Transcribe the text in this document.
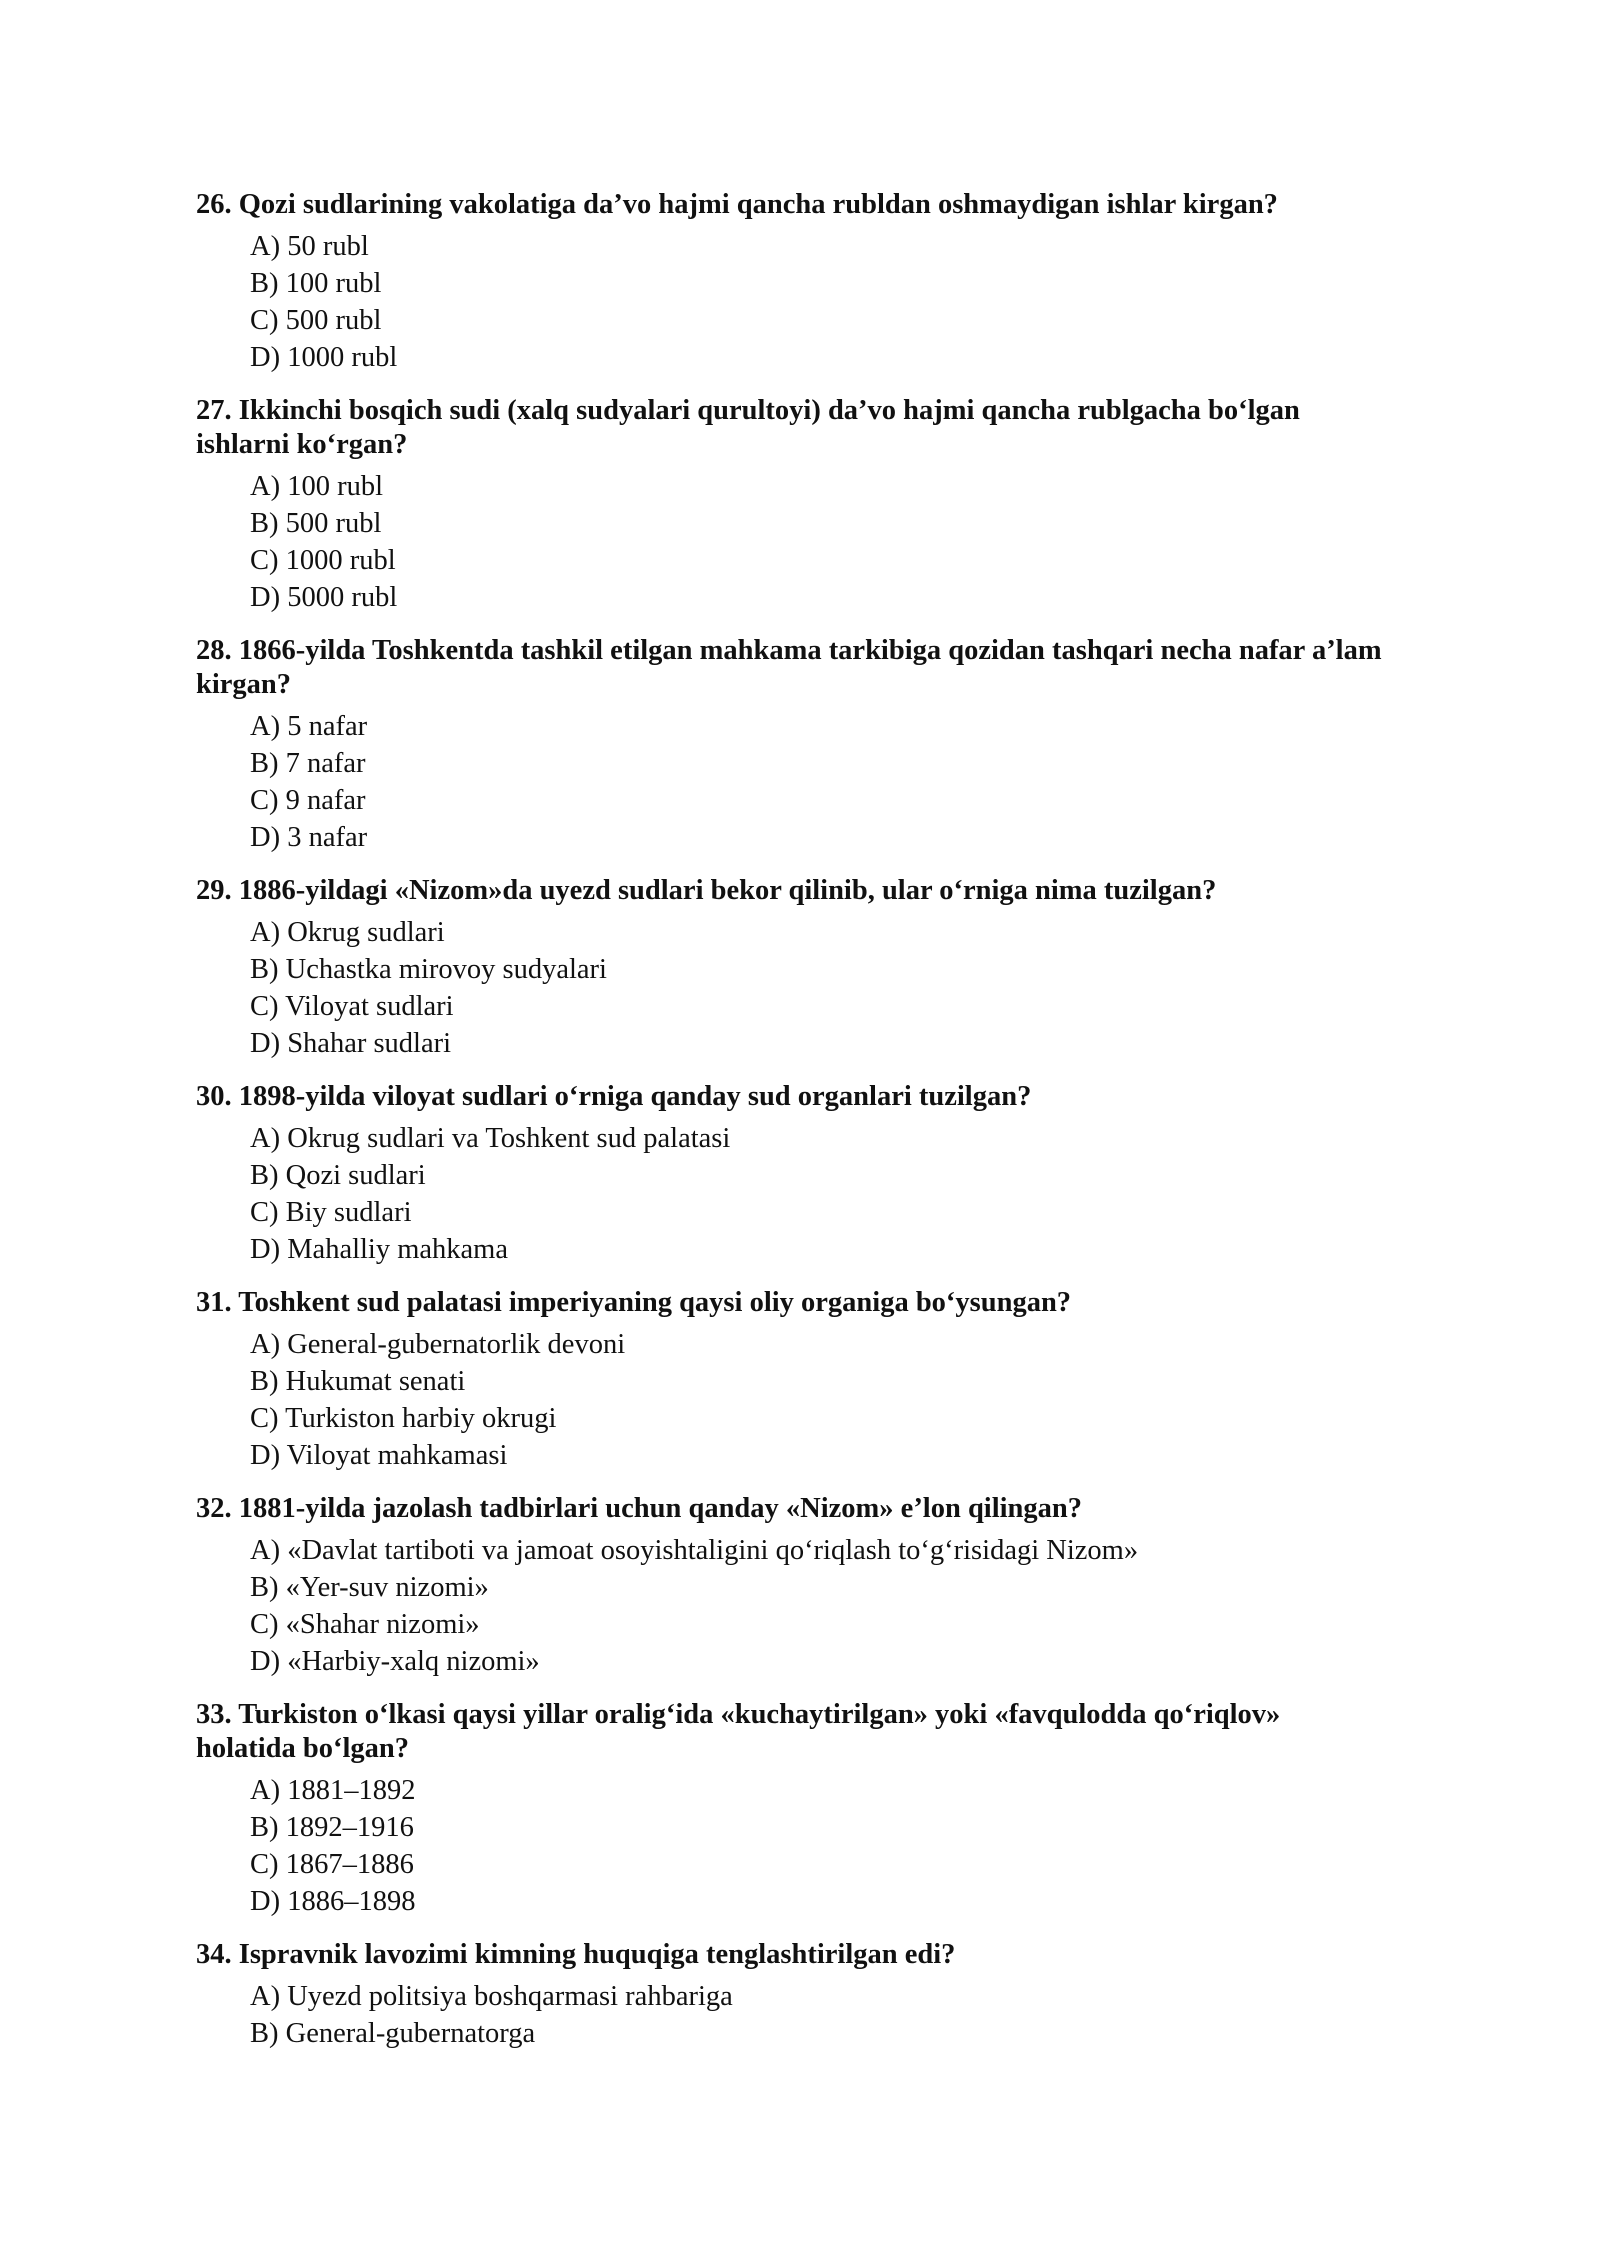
26. Qozi sudlarining vakolatiga da’vo hajmi qancha rubldan oshmaydigan ishlar kirgan?
A) 50 rubl
B) 100 rubl
C) 500 rubl
D) 1000 rubl
27. Ikkinchi bosqich sudi (xalq sudyalari qurultoyi) da’vo hajmi qancha rublgacha bo‘lgan ishlarni ko‘rgan?
A) 100 rubl
B) 500 rubl
C) 1000 rubl
D) 5000 rubl
28. 1866-yilda Toshkentda tashkil etilgan mahkama tarkibiga qozidan tashqari necha nafar a’lam kirgan?
A) 5 nafar
B) 7 nafar
C) 9 nafar
D) 3 nafar
29. 1886-yildagi «Nizom»da uyezd sudlari bekor qilinib, ular o‘rniga nima tuzilgan?
A) Okrug sudlari
B) Uchastka mirovoy sudyalari
C) Viloyat sudlari
D) Shahar sudlari
30. 1898-yilda viloyat sudlari o‘rniga qanday sud organlari tuzilgan?
A) Okrug sudlari va Toshkent sud palatasi
B) Qozi sudlari
C) Biy sudlari
D) Mahalliy mahkama
31. Toshkent sud palatasi imperiyaning qaysi oliy organiga bo‘ysungan?
A) General-gubernatorlik devoni
B) Hukumat senati
C) Turkiston harbiy okrugi
D) Viloyat mahkamasi
32. 1881-yilda jazolash tadbirlari uchun qanday «Nizom» e’lon qilingan?
A) «Davlat tartiboti va jamoat osoyishtaligini qo‘riqlash to‘g‘risidagi Nizom»
B) «Yer-suv nizomi»
C) «Shahar nizomi»
D) «Harbiy-xalq nizomi»
33. Turkiston o‘lkasi qaysi yillar oralig‘ida «kuchaytirilgan» yoki «favqulodda qo‘riqlov» holatida bo‘lgan?
A) 1881–1892
B) 1892–1916
C) 1867–1886
D) 1886–1898
34. Ispravnik lavozimi kimning huquqiga tenglashtirilgan edi?
A) Uyezd politsiya boshqarmasi rahbariga
B) General-gubernatorga
